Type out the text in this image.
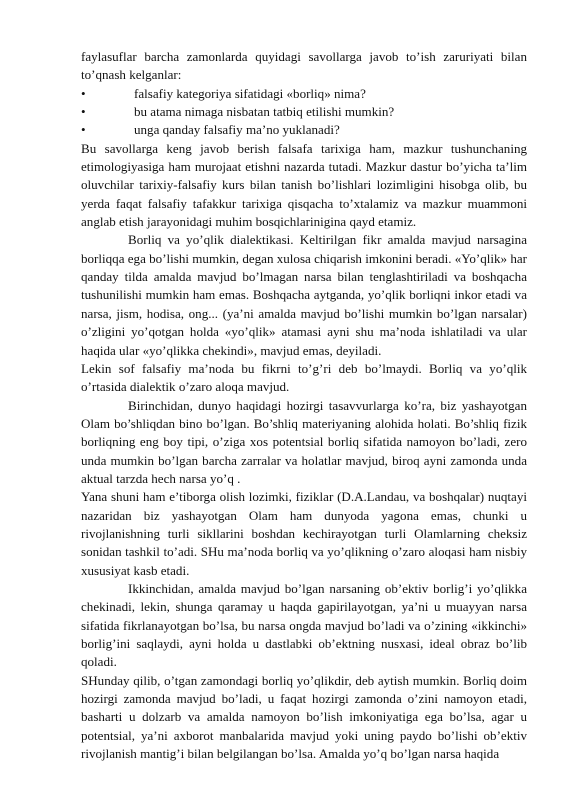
faylasuflar barcha zamonlarda quyidagi savollarga javob to’ish zaruriyati bilan to’qnash kelganlar:

•	falsafiy kategoriya sifatidagi «borliq» nima?
•	bu atama nimaga nisbatan tatbiq etilishi mumkin?
•	unga qanday falsafiy ma’no yuklanadi?

Bu savollarga keng javob berish falsafa tarixiga ham, mazkur tushunchaning etimologiyasiga ham murojaat etishni nazarda tutadi. Mazkur dastur bo’yicha ta’lim oluvchilar tarixiy-falsafiy kurs bilan tanish bo’lishlari lozimligini hisobga olib, bu yerda faqat falsafiy tafakkur tarixiga qisqacha to’xtalamiz va mazkur muammoni anglab etish jarayonidagi muhim bosqichlarinigina qayd etamiz.

Borliq va yo’qlik dialektikasi. Keltirilgan fikr amalda mavjud narsagina borliqqa ega bo’lishi mumkin, degan xulosa chiqarish imkonini beradi. «Yo’qlik» har qanday tilda amalda mavjud bo’lmagan narsa bilan tenglashtiriladi va boshqacha tushunilishi mumkin ham emas. Boshqacha aytganda, yo’qlik borliqni inkor etadi va narsa, jism, hodisa, ong... (ya’ni amalda mavjud bo’lishi mumkin bo’lgan narsalar) o’zligini yo’qotgan holda «yo’qlik» atamasi ayni shu ma’noda ishlatiladi va ular haqida ular «yo’qlikka chekindi», mavjud emas, deyiladi.

Lekin sof falsafiy ma’noda bu fikrni to’g’ri deb bo’lmaydi. Borliq va yo’qlik o’rtasida dialektik o’zaro aloqa mavjud.

Birinchidan, dunyo haqidagi hozirgi tasavvurlarga ko’ra, biz yashayotgan Olam bo’shliqdan bino bo’lgan. Bo’shliq materiyaning alohida holati. Bo’shliq fizik borliqning eng boy tipi, o’ziga xos potentsial borliq sifatida namoyon bo’ladi, zero unda mumkin bo’lgan barcha zarralar va holatlar mavjud, biroq ayni zamonda unda aktual tarzda hech narsa yo’q .

Yana shuni ham e’tiborga olish lozimki, fiziklar (D.A.Landau, va boshqalar) nuqtayi nazaridan biz yashayotgan Olam ham dunyoda yagona emas, chunki u rivojlanishning turli sikllarini boshdan kechirayotgan turli Olamlarning cheksiz sonidan tashkil to’adi. SHu ma’noda borliq va yo’qlikning o’zaro aloqasi ham nisbiy xususiyat kasb etadi.

Ikkinchidan, amalda mavjud bo’lgan narsaning ob’ektiv borlig’i yo’qlikka chekinadi, lekin, shunga qaramay u haqda gapirilayotgan, ya’ni u muayyan narsa sifatida fikrlanayotgan bo’lsa, bu narsa ongda mavjud bo’ladi va o’zining «ikkinchi» borlig’ini saqlaydi, ayni holda u dastlabki ob’ektning nusxasi, ideal obraz bo’lib qoladi.

SHunday qilib, o’tgan zamondagi borliq yo’qlikdir, deb aytish mumkin. Borliq doim hozirgi zamonda mavjud bo’ladi, u faqat hozirgi zamonda o’zini namoyon etadi, basharti u dolzarb va amalda namoyon bo’lish imkoniyatiga ega bo’lsa, agar u potentsial, ya’ni axborot manbalarida mavjud yoki uning paydo bo’lishi ob’ektiv rivojlanish mantig’i bilan belgilangan bo’lsa. Amalda yo’q bo’lgan narsa haqida
